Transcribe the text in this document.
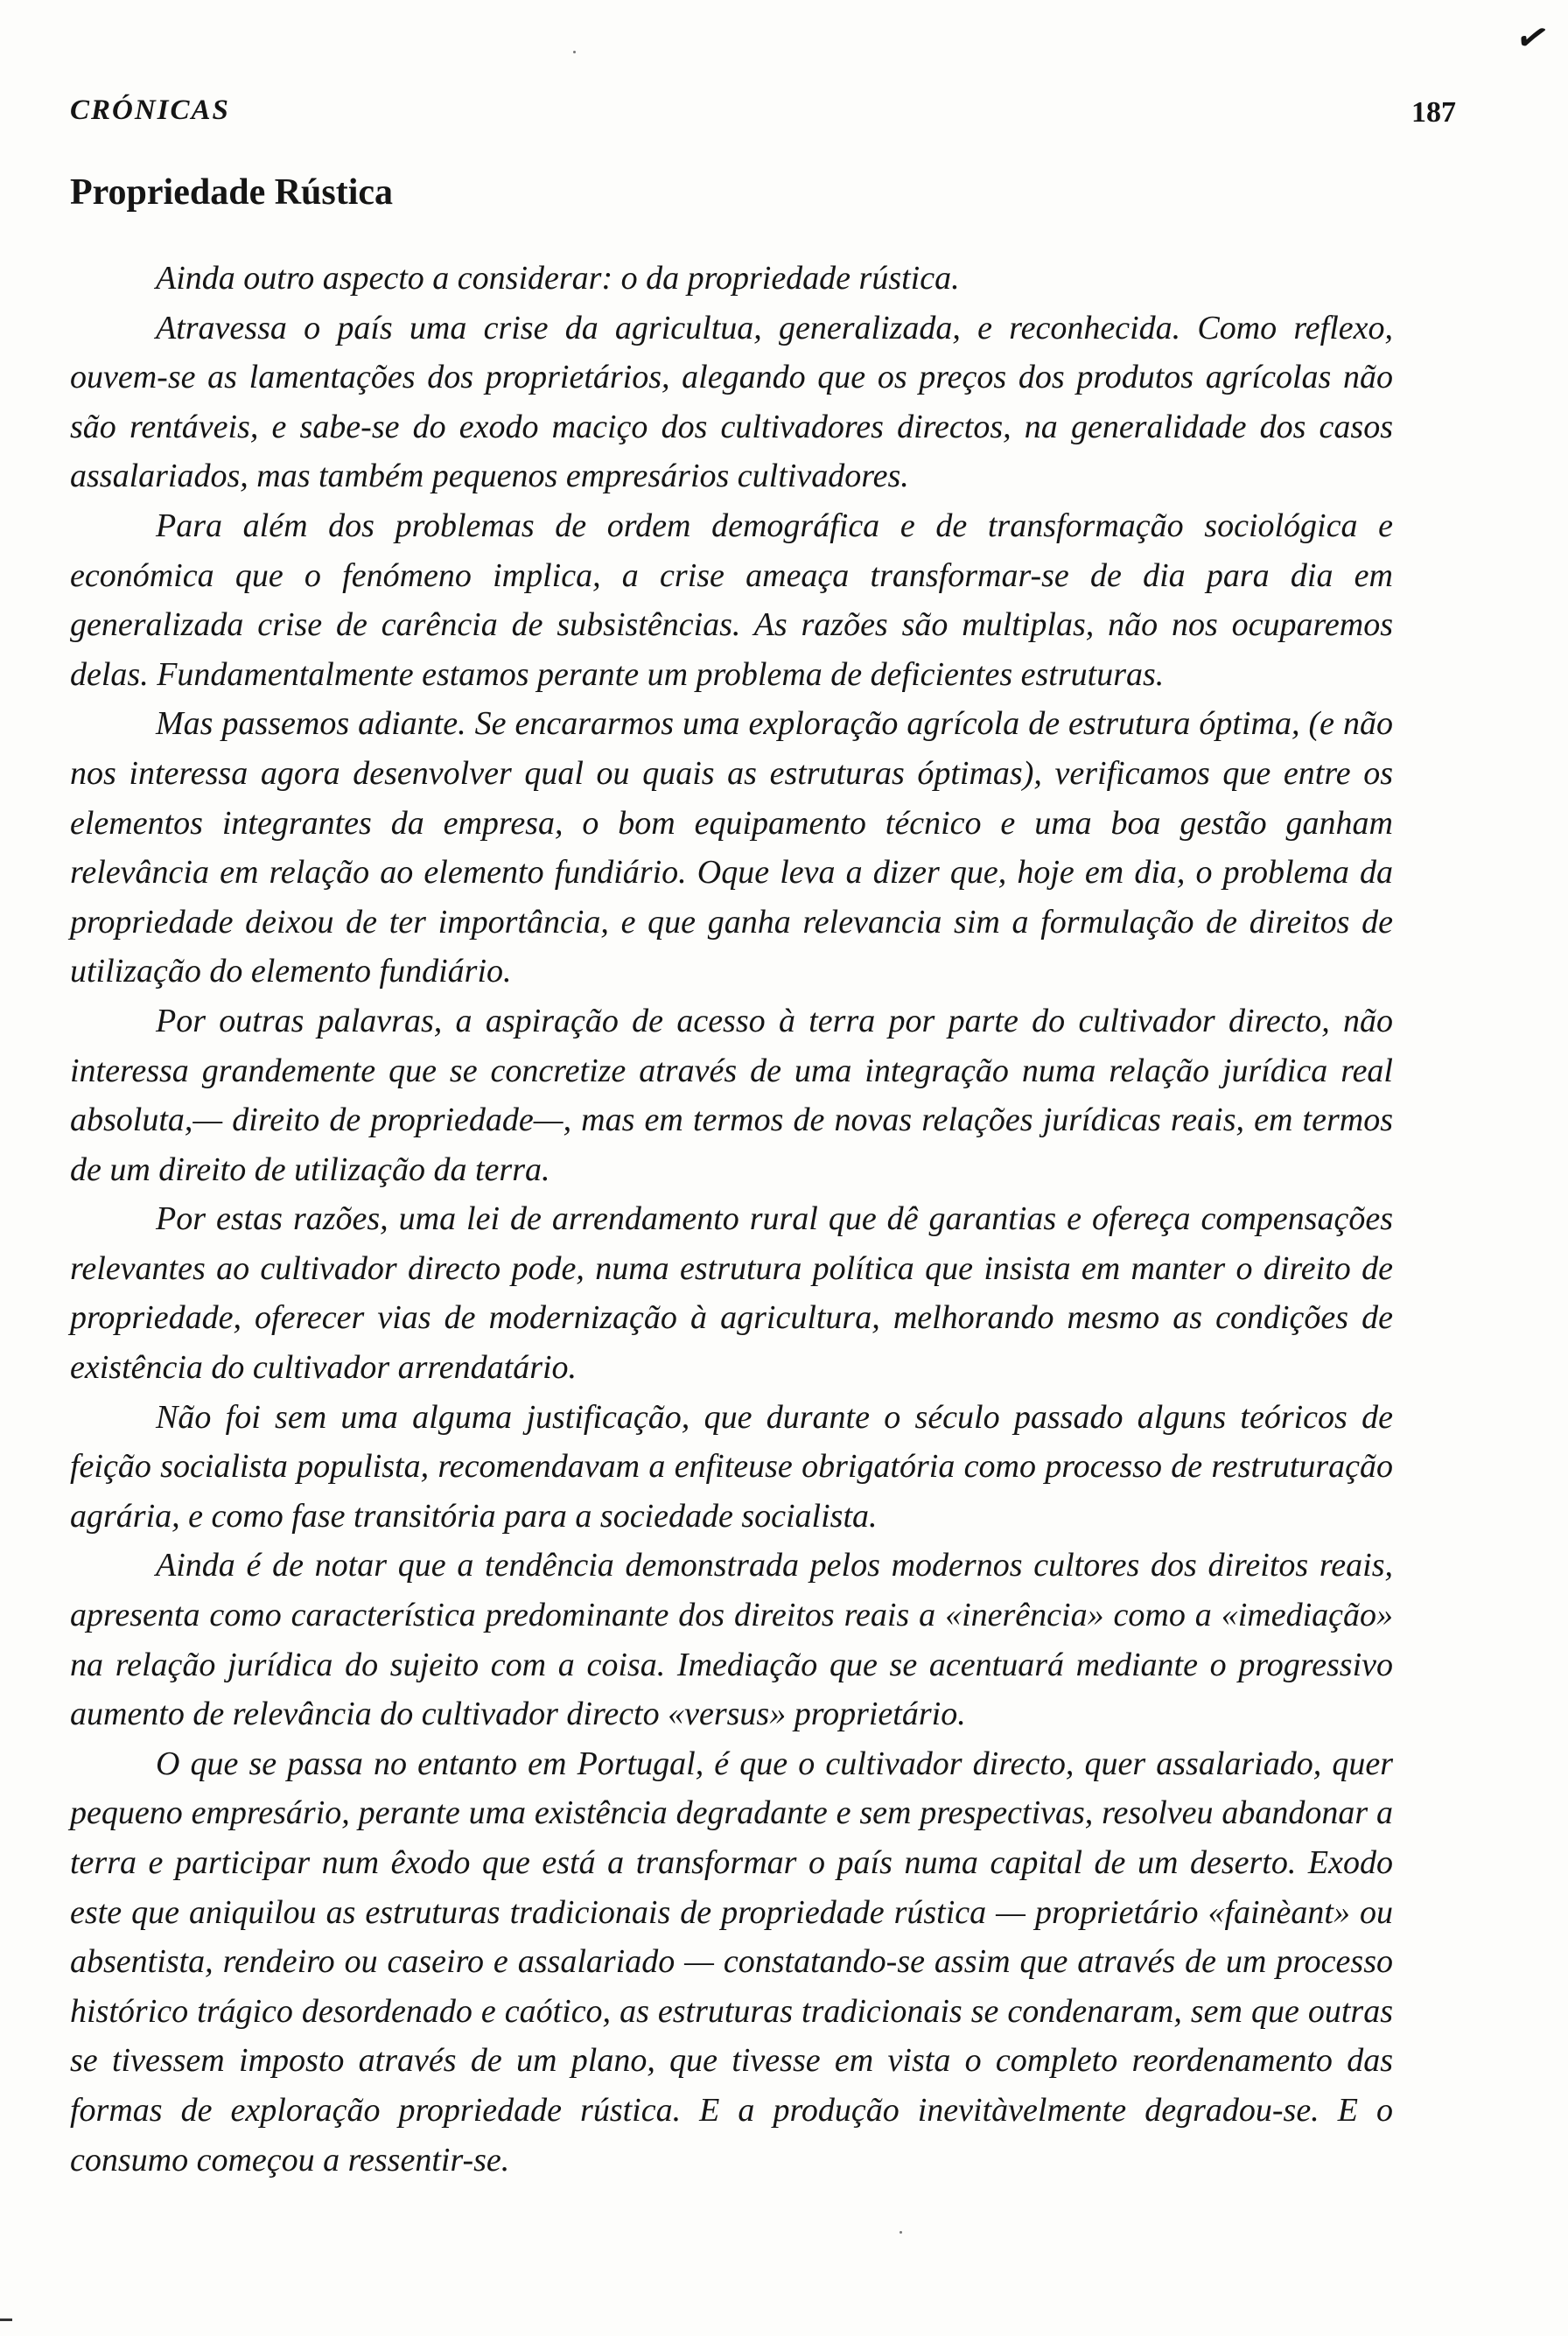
✓
CRÓNICAS	187
Propriedade Rústica

Ainda outro aspecto a considerar: o da propriedade rústica.

Atravessa o país uma crise da agricultua, generalizada, e reconhecida. Como reflexo, ouvem-se as lamentações dos proprietários, alegando que os preços dos produtos agrícolas não são rentáveis, e sabe-se do exodo maciço dos cultivadores directos, na generalidade dos casos assalariados, mas também pequenos empresários cultivadores.

Para além dos problemas de ordem demográfica e de transformação sociológica e económica que o fenómeno implica, a crise ameaça transformar-se de dia para dia em generalizada crise de carência de subsistências. As razões são multiplas, não nos ocuparemos delas. Fundamentalmente estamos perante um problema de deficientes estruturas.

Mas passemos adiante. Se encararmos uma exploração agrícola de estrutura óptima, (e não nos interessa agora desenvolver qual ou quais as estruturas óptimas), verificamos que entre os elementos integrantes da empresa, o bom equipamento técnico e uma boa gestão ganham relevância em relação ao elemento fundiário. Oque leva a dizer que, hoje em dia, o problema da propriedade deixou de ter importância, e que ganha relevancia sim a formulação de direitos de utilização do elemento fundiário.

Por outras palavras, a aspiração de acesso à terra por parte do cultivador directo, não interessa grandemente que se concretize através de uma integração numa relação jurídica real absoluta,— direito de propriedade—, mas em termos de novas relações jurídicas reais, em termos de um direito de utilização da terra.

Por estas razões, uma lei de arrendamento rural que dê garantias e ofereça compensações relevantes ao cultivador directo pode, numa estrutura política que insista em manter o direito de propriedade, oferecer vias de modernização à agricultura, melhorando mesmo as condições de existência do cultivador arrendatário.

Não foi sem uma alguma justificação, que durante o século passado alguns teóricos de feição socialista populista, recomendavam a enfiteuse obrigatória como processo de restruturação agrária, e como fase transitória para a sociedade socialista.

Ainda é de notar que a tendência demonstrada pelos modernos cultores dos direitos reais, apresenta como característica predominante dos direitos reais a «inerência» como a «imediação» na relação jurídica do sujeito com a coisa. Imediação que se acentuará mediante o progressivo aumento de relevância do cultivador directo «versus» proprietário.

O que se passa no entanto em Portugal, é que o cultivador directo, quer assalariado, quer pequeno empresário, perante uma existência degradante e sem prespectivas, resolveu abandonar a terra e participar num êxodo que está a transformar o país numa capital de um deserto. Exodo este que aniquilou as estruturas tradicionais de propriedade rústica — proprietário «fainèant» ou absentista, rendeiro ou caseiro e assalariado — constatando-se assim que através de um processo histórico trágico desordenado e caótico, as estruturas tradicionais se condenaram, sem que outras se tivessem imposto através de um plano, que tivesse em vista o completo reordenamento das formas de exploração propriedade rústica. E a produção inevitàvelmente degradou-se. E o consumo começou a ressentir-se.
